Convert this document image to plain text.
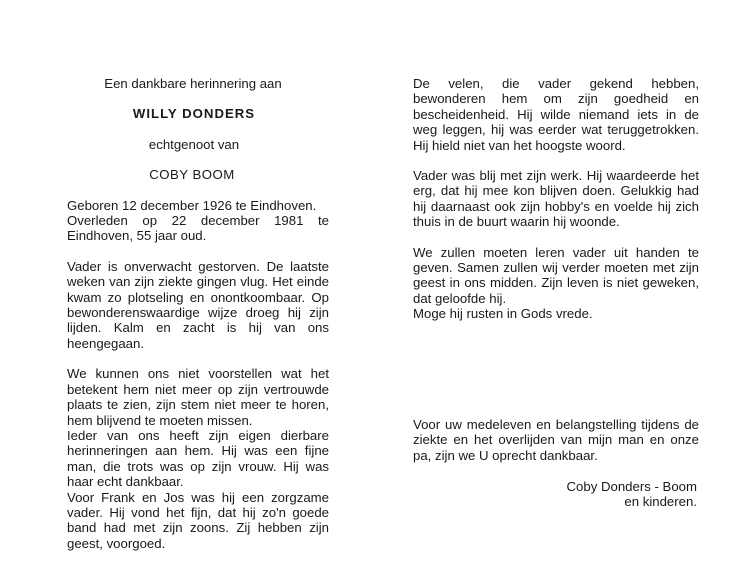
Een dankbare herinnering aan
WILLY DONDERS
echtgenoot van
COBY BOOM

Geboren 12 december 1926 te Eindhoven.

Overleden op 22 december 1981 te Eindhoven, 55 jaar oud.

Vader is onverwacht gestorven. De laatste weken van zijn ziekte gingen vlug. Het einde kwam zo plotseling en onontkoombaar. Op bewonderenswaardige wijze droeg hij zijn lijden. Kalm en zacht is hij van ons heengegaan.

We kunnen ons niet voorstellen wat het betekent hem niet meer op zijn vertrouwde plaats te zien, zijn stem niet meer te horen, hem blijvend te moeten missen.

Ieder van ons heeft zijn eigen dierbare herinneringen aan hem. Hij was een fijne man, die trots was op zijn vrouw. Hij was haar echt dankbaar.

Voor Frank en Jos was hij een zorgzame vader. Hij vond het fijn, dat hij zo'n goede band had met zijn zoons. Zij hebben zijn geest, voorgoed.

De velen, die vader gekend hebben, bewonderen hem om zijn goedheid en bescheidenheid. Hij wilde niemand iets in de weg leggen, hij was eerder wat teruggetrokken. Hij hield niet van het hoogste woord.

Vader was blij met zijn werk. Hij waardeerde het erg, dat hij mee kon blijven doen. Gelukkig had hij daarnaast ook zijn hobby's en voelde hij zich thuis in de buurt waarin hij woonde.

We zullen moeten leren vader uit handen te geven. Samen zullen wij verder moeten met zijn geest in ons midden. Zijn leven is niet geweken, dat geloofde hij.

Moge hij rusten in Gods vrede.

Voor uw medeleven en belangstelling tijdens de ziekte en het overlijden van mijn man en onze pa, zijn we U oprecht dankbaar.

Coby Donders - Boom
en kinderen.
